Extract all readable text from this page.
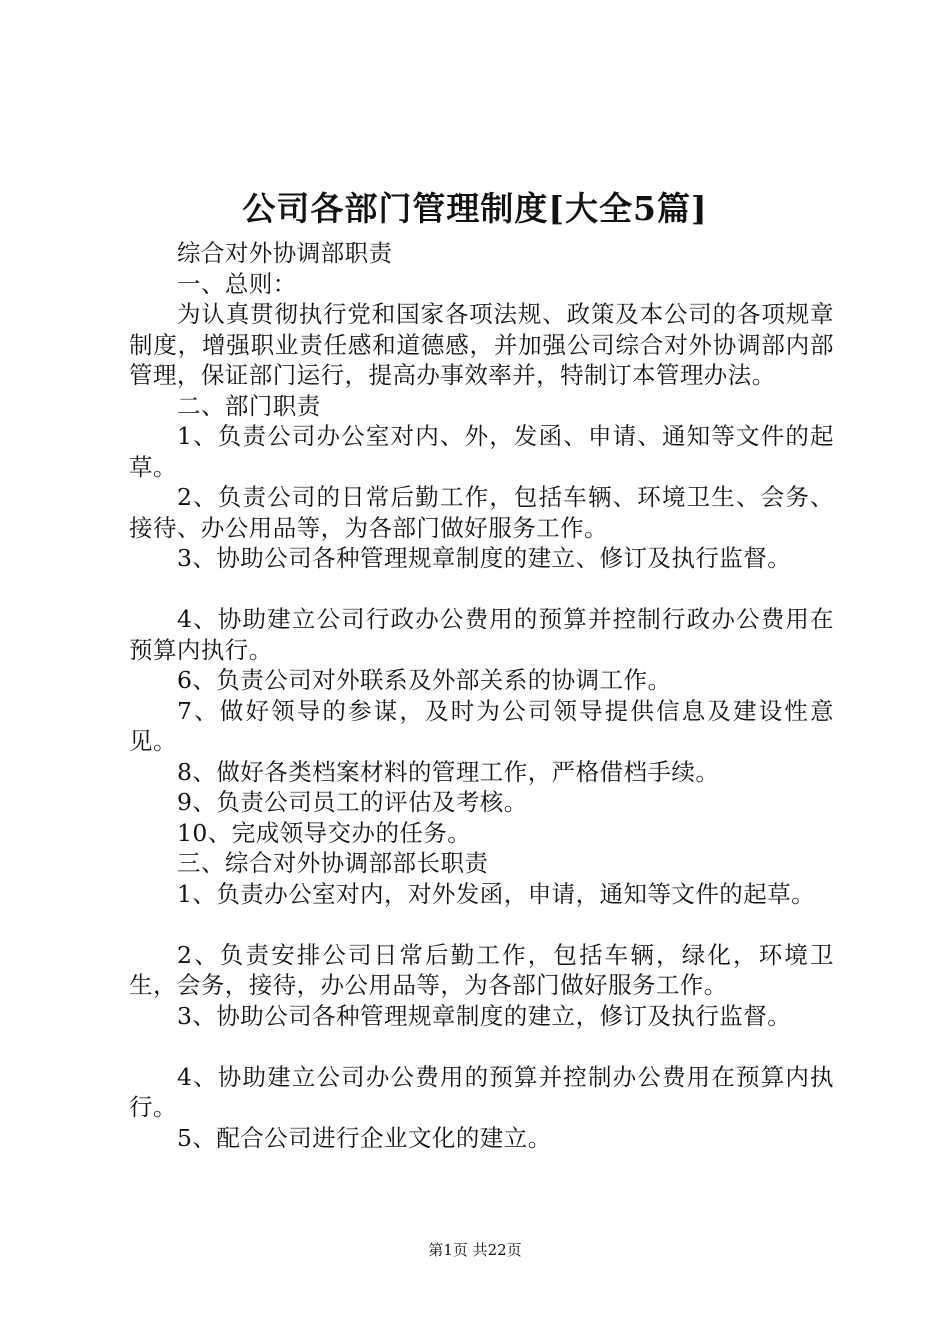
公司各部门管理制度[大全5篇]

综合对外协调部职责

一、总则：

为认真贯彻执行党和国家各项法规、政策及本公司的各项规章制度，增强职业责任感和道德感，并加强公司综合对外协调部内部管理，保证部门运行，提高办事效率并，特制订本管理办法。

二、部门职责

1、负责公司办公室对内、外，发函、申请、通知等文件的起草。

2、负责公司的日常后勤工作，包括车辆、环境卫生、会务、接待、办公用品等，为各部门做好服务工作。

3、协助公司各种管理规章制度的建立、修订及执行监督。

4、协助建立公司行政办公费用的预算并控制行政办公费用在预算内执行。

6、负责公司对外联系及外部关系的协调工作。

7、做好领导的参谋，及时为公司领导提供信息及建设性意见。

8、做好各类档案材料的管理工作，严格借档手续。

9、负责公司员工的评估及考核。

10、完成领导交办的任务。

三、综合对外协调部部长职责

1、负责办公室对内，对外发函，申请，通知等文件的起草。

2、负责安排公司日常后勤工作，包括车辆，绿化，环境卫生，会务，接待，办公用品等，为各部门做好服务工作。

3、协助公司各种管理规章制度的建立，修订及执行监督。

4、协助建立公司办公费用的预算并控制办公费用在预算内执行。

5、配合公司进行企业文化的建立。

第1页 共22页
